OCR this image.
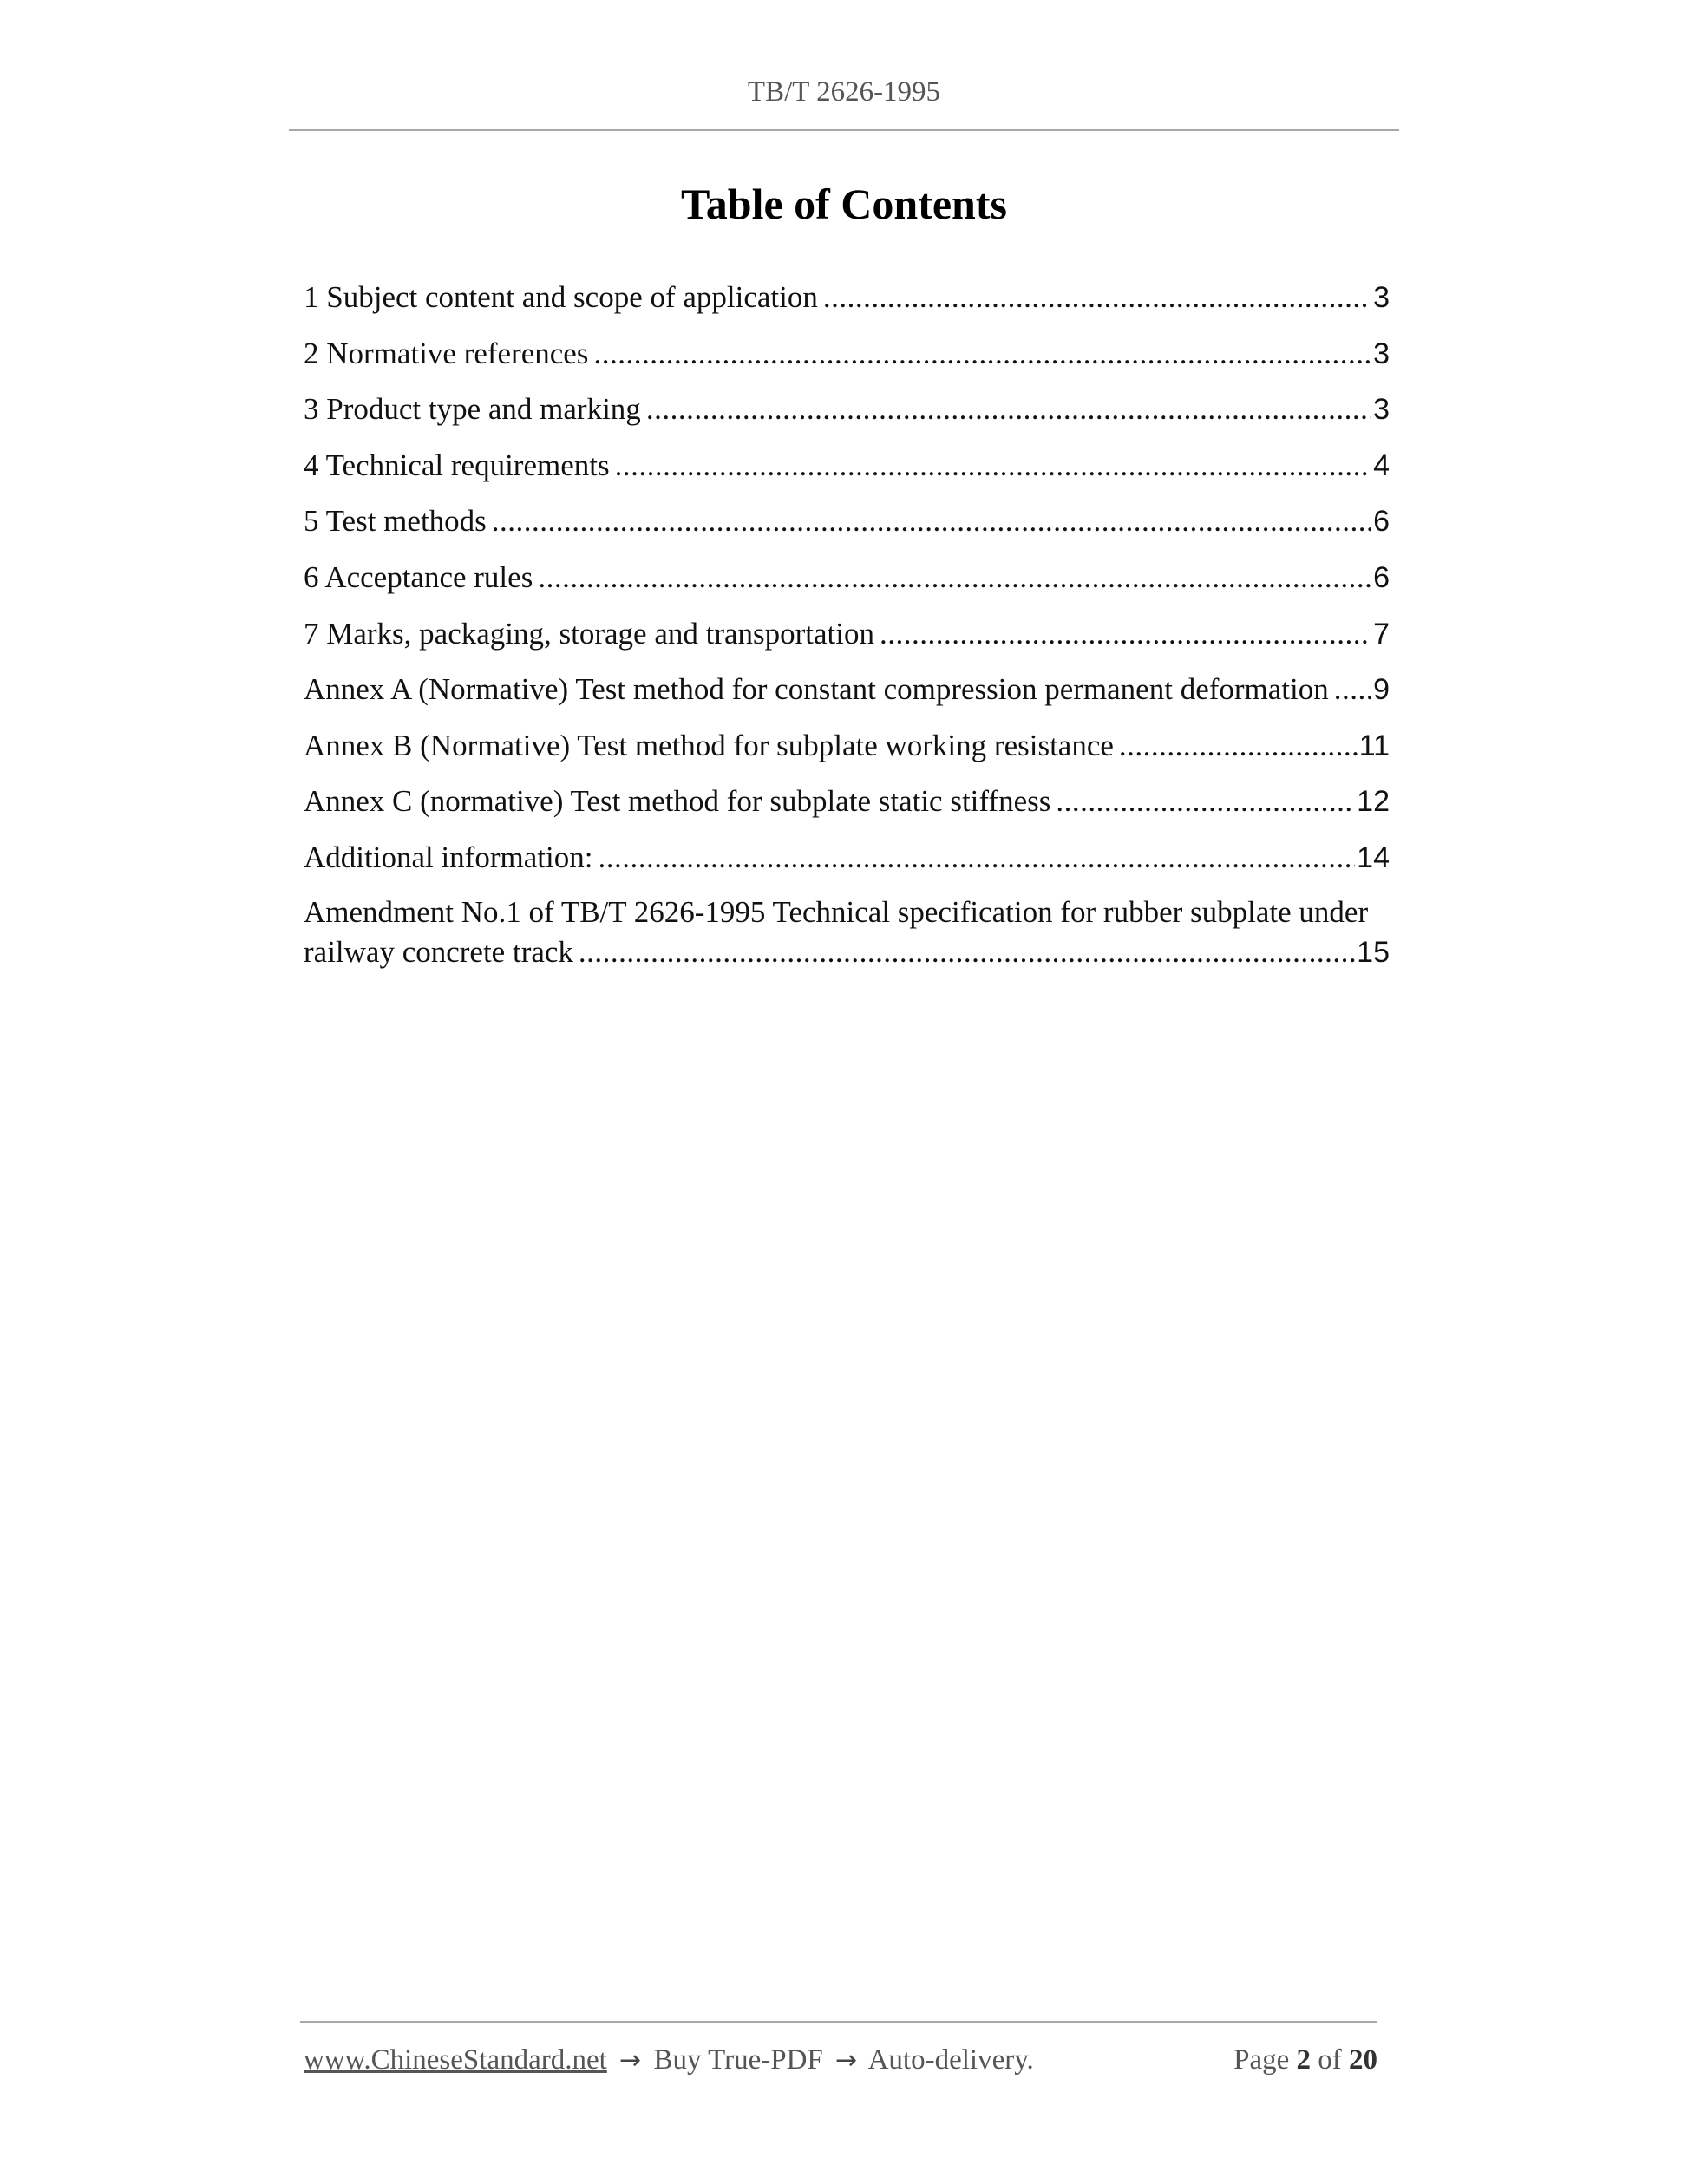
TB/T 2626-1995
Table of Contents
1 Subject content and scope of application .....	3
2 Normative references .....	3
3 Product type and marking .....	3
4 Technical requirements .....	4
5 Test methods .....	6
6 Acceptance rules .....	6
7 Marks, packaging, storage and transportation .....	7
Annex A (Normative) Test method for constant compression permanent deformation ..... 9
Annex B (Normative) Test method for subplate working resistance .....	11
Annex C (normative) Test method for subplate static stiffness .....	12
Additional information: .....	14
Amendment No.1 of TB/T 2626-1995 Technical specification for rubber subplate under
railway concrete track .....	15
www.ChineseStandard.net → Buy True-PDF → Auto-delivery.	Page 2 of 20
